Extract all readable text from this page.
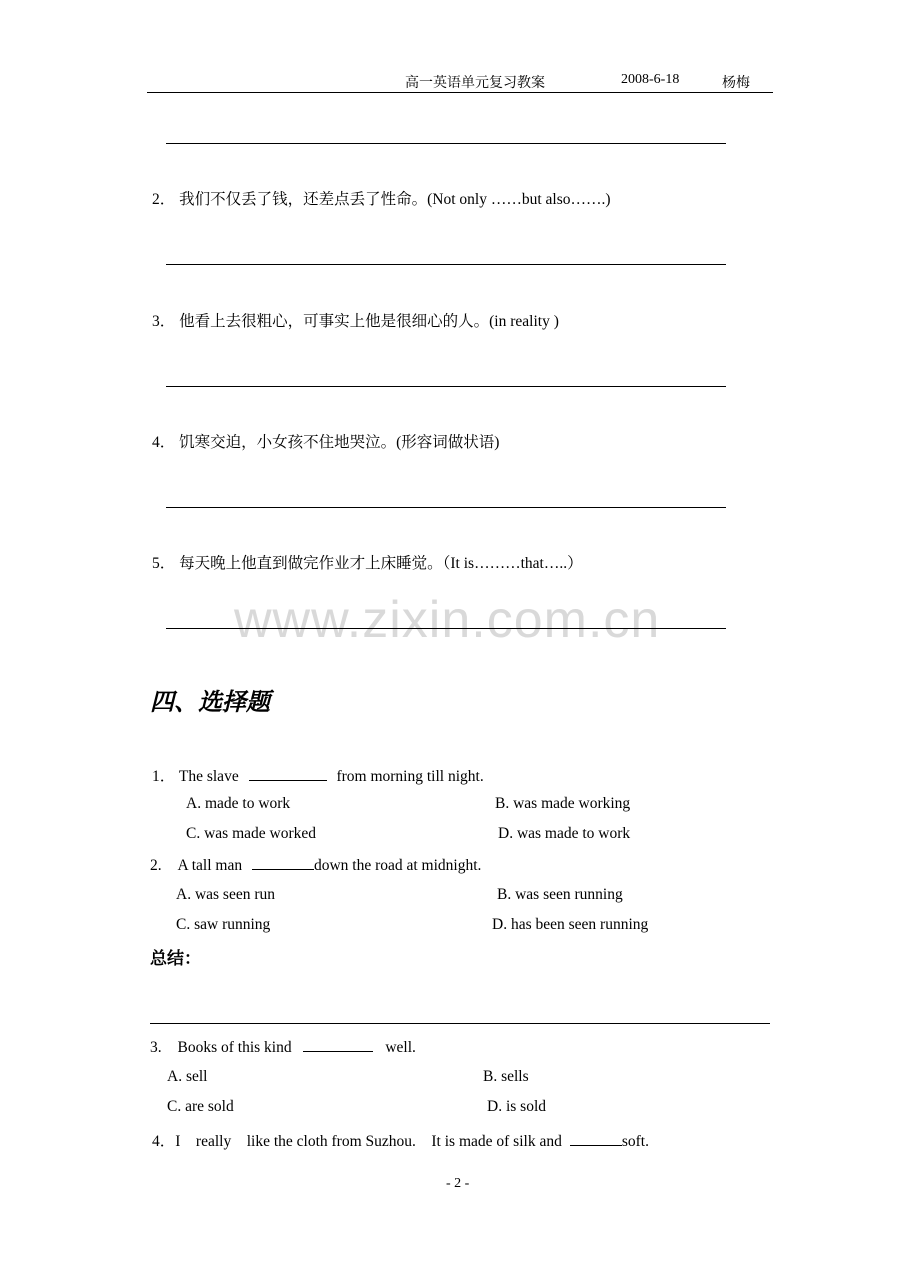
高一英语单元复习教案	2008-6-18	杨梅
2． 我们不仅丢了钱，还差点丢了性命。(Not only ……but also…….)
3． 他看上去很粗心，可事实上他是很细心的人。(in reality )
4． 饥寒交迫，小女孩不住地哭泣。(形容词做状语)
5． 每天晚上他直到做完作业才上床睡觉。（It is………that…..）
www.zixin.com.cn
四、选择题
1． The slave	from morning till night.
A. made to work	B. was made working
C. was made worked	D. was made to work
2. A tall man	down the road at midnight.
A. was seen run	B. was seen running
C. saw running	D. has been seen running
总结：
3. Books of this kind	well.
A. sell	B. sells
C. are sold	D. is sold
4．I    really    like the cloth from Suzhou.    It is made of silk and	soft.
- 2 -
